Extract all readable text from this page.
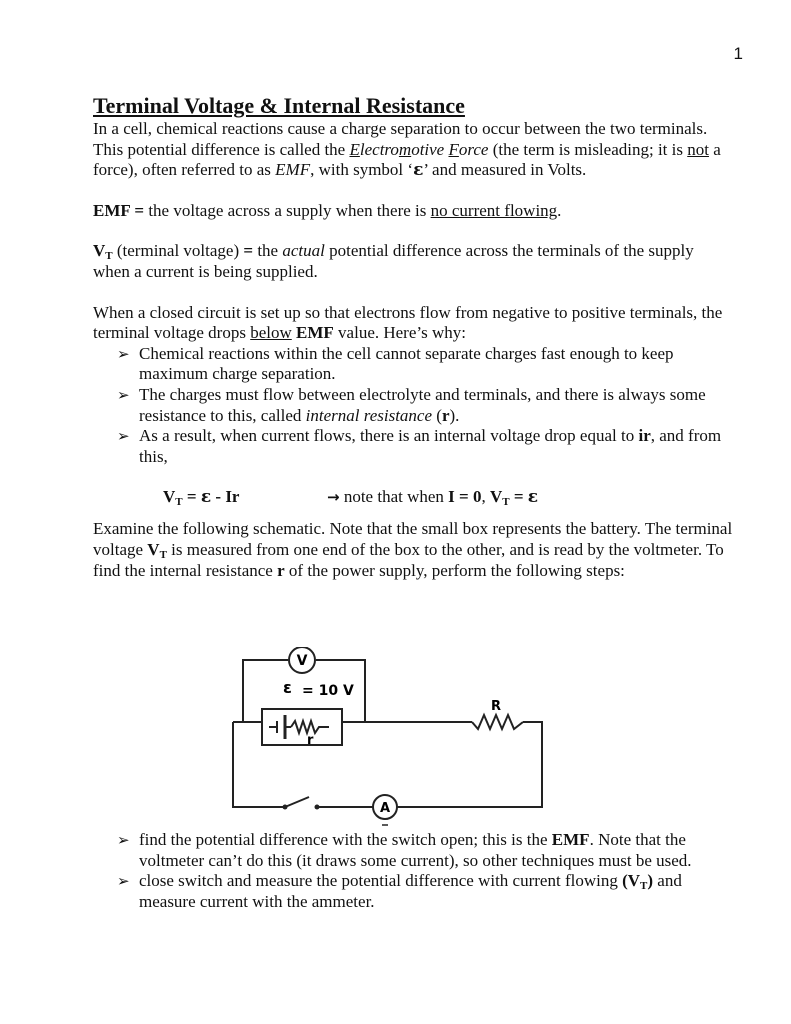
1
Terminal Voltage & Internal Resistance

In a cell, chemical reactions cause a charge separation to occur between the two terminals. This potential difference is called the Electromotive Force (the term is misleading; it is not a force), often referred to as EMF, with symbol ‘ɛ’ and measured in Volts.

EMF = the voltage across a supply when there is no current flowing.

$V_T$ (terminal voltage) = the actual potential difference across the terminals of the supply when a current is being supplied.

When a closed circuit is set up so that electrons flow from negative to positive terminals, the terminal voltage drops below EMF value. Here’s why:

➢ Chemical reactions within the cell cannot separate charges fast enough to keep maximum charge separation.
➢ The charges must flow between electrolyte and terminals, and there is always some resistance to this, called internal resistance (r).
➢ As a result, when current flows, there is an internal voltage drop equal to ir, and from this,
$V_T$ = ɛ - Ir	→ note that when I = 0, $V_T$ = ɛ

Examine the following schematic. Note that the small box represents the battery. The terminal voltage $V_T$ is measured from one end of the box to the other, and is read by the voltmeter. To find the internal resistance r of the power supply, perform the following steps:

V
A
ɛ = 10 V
r
R
➢ find the potential difference with the switch open; this is the EMF. Note that the voltmeter can’t do this (it draws some current), so other techniques must be used.
➢ close switch and measure the potential difference with current flowing $(V_T)$ and measure current with the ammeter.
